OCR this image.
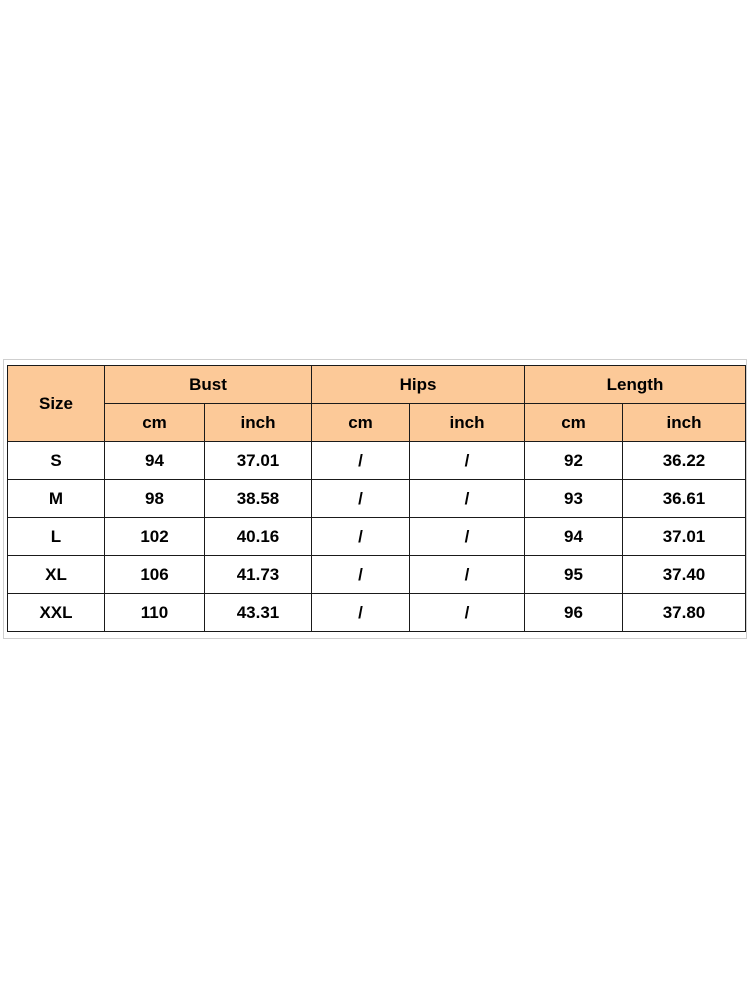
Size	Bust		Hips		Length	
	cm	inch	cm	inch	cm	inch
S	94	37.01	/	/	92	36.22
M	98	38.58	/	/	93	36.61
L	102	40.16	/	/	94	37.01
XL	106	41.73	/	/	95	37.40
XXL	110	43.31	/	/	96	37.80
